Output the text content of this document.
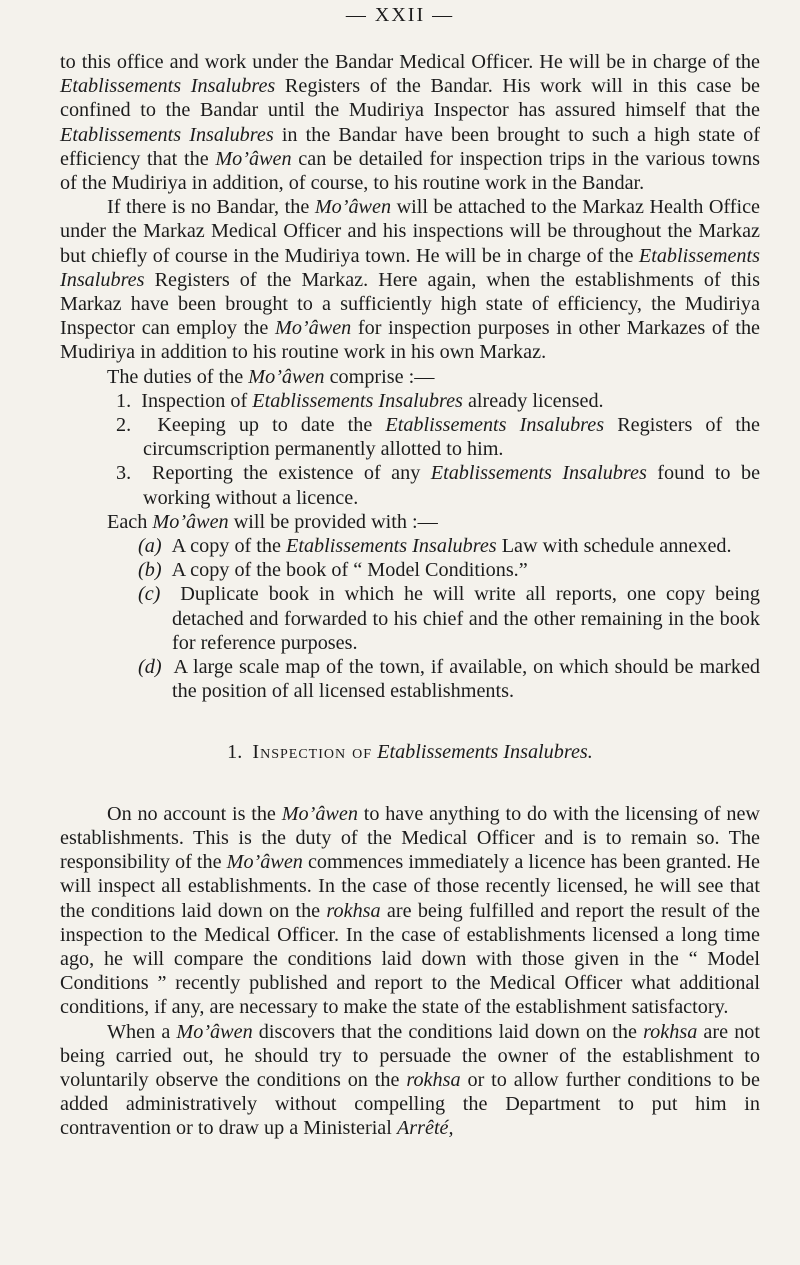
— XXII —

to this office and work under the Bandar Medical Officer. He will be in charge of the Etablissements Insalubres Registers of the Bandar. His work will in this case be confined to the Bandar until the Mudiriya Inspector has assured himself that the Etablissements Insalubres in the Bandar have been brought to such a high state of efficiency that the Mo’âwen can be detailed for inspection trips in the various towns of the Mudiriya in addition, of course, to his routine work in the Bandar.

If there is no Bandar, the Mo’âwen will be attached to the Markaz Health Office under the Markaz Medical Officer and his inspections will be throughout the Markaz but chiefly of course in the Mudiriya town. He will be in charge of the Etablissements Insalubres Registers of the Markaz. Here again, when the establishments of this Markaz have been brought to a sufficiently high state of efficiency, the Mudiriya Inspector can employ the Mo’âwen for inspection purposes in other Markazes of the Mudiriya in addition to his routine work in his own Markaz.

The duties of the Mo’âwen comprise :—

1. Inspection of Etablissements Insalubres already licensed.

2. Keeping up to date the Etablissements Insalubres Registers of the circumscription permanently allotted to him.

3. Reporting the existence of any Etablissements Insalubres found to be working without a licence.

Each Mo’âwen will be provided with :—

(a) A copy of the Etablissements Insalubres Law with schedule annexed.

(b) A copy of the book of “ Model Conditions.”

(c) Duplicate book in which he will write all reports, one copy being detached and forwarded to his chief and the other remaining in the book for reference purposes.

(d) A large scale map of the town, if available, on which should be marked the position of all licensed establishments.

1. Inspection of Etablissements Insalubres.

On no account is the Mo’âwen to have anything to do with the licensing of new establishments. This is the duty of the Medical Officer and is to remain so. The responsibility of the Mo’âwen commences immediately a licence has been granted. He will inspect all establishments. In the case of those recently licensed, he will see that the conditions laid down on the rokhsa are being fulfilled and report the result of the inspection to the Medical Officer. In the case of establishments licensed a long time ago, he will compare the conditions laid down with those given in the “ Model Conditions ” recently published and report to the Medical Officer what additional conditions, if any, are necessary to make the state of the establishment satisfactory.

When a Mo’âwen discovers that the conditions laid down on the rokhsa are not being carried out, he should try to persuade the owner of the establishment to voluntarily observe the conditions on the rokhsa or to allow further conditions to be added administratively without compelling the Department to put him in contravention or to draw up a Ministerial Arrêté,
